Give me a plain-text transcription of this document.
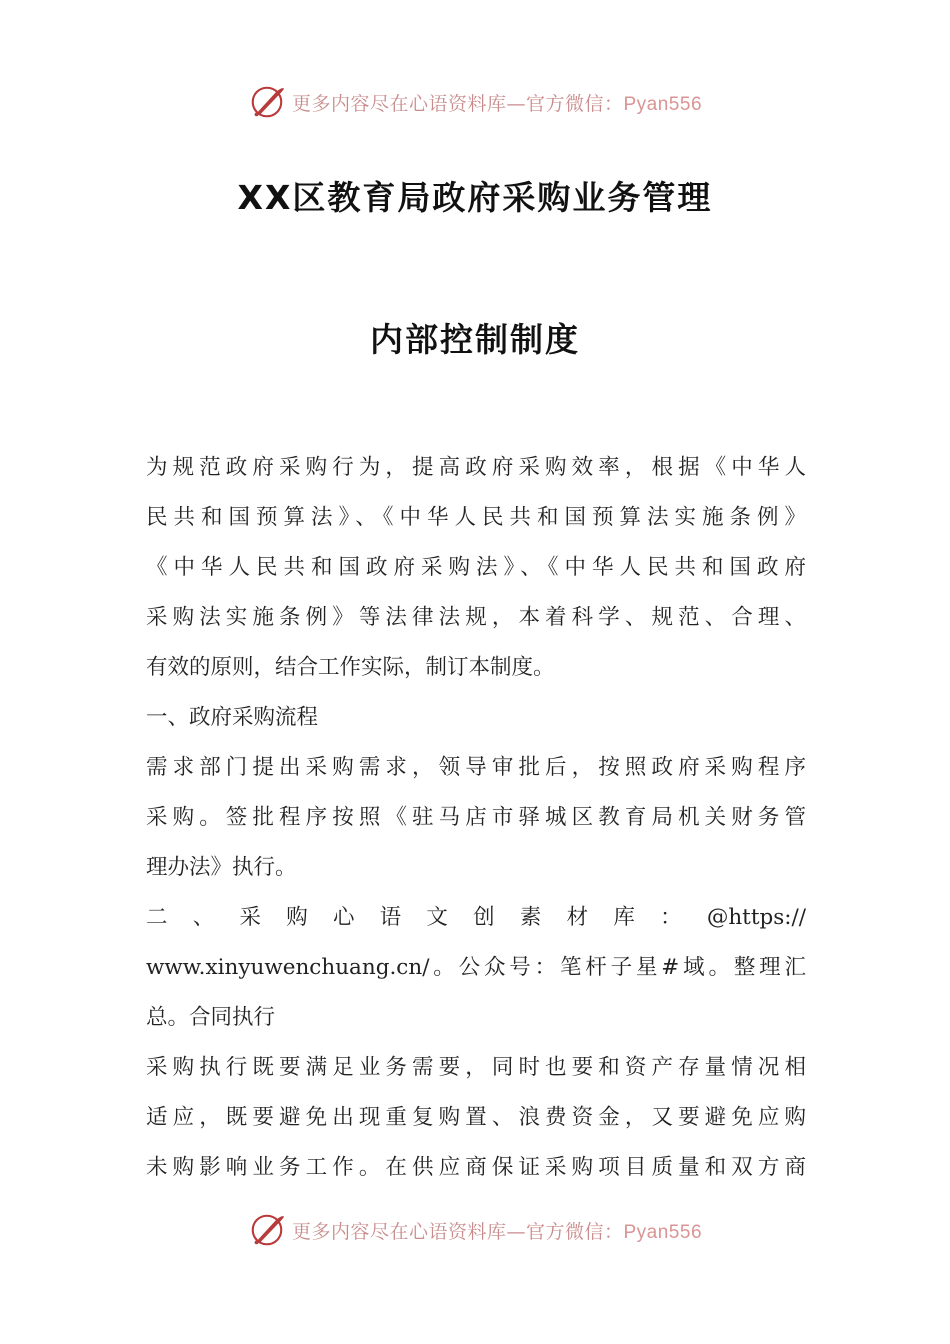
更多内容尽在心语资料库—官方微信：Pyan556
XX区教育局政府采购业务管理
内部控制制度
为规范政府采购行为，提高政府采购效率，根据《中华人
民共和国预算法》、《中华人民共和国预算法实施条例》
《中华人民共和国政府采购法》、《中华人民共和国政府
采购法实施条例》等法律法规，本着科学、规范、合理、
有效的原则，结合工作实际，制订本制度。
一、政府采购流程
需求部门提出采购需求，领导审批后，按照政府采购程序
采购。签批程序按照《驻马店市驿城区教育局机关财务管
理办法》执行。
二 、 采 购 心 语 文 创 素 材 库 ： @https://
www.xinyuwenchuang.cn/。公众号：笔杆子星#域。整理汇
总。合同执行
采购执行既要满足业务需要，同时也要和资产存量情况相
适应，既要避免出现重复购置、浪费资金，又要避免应购
未购影响业务工作。在供应商保证采购项目质量和双方商
更多内容尽在心语资料库—官方微信：Pyan556
